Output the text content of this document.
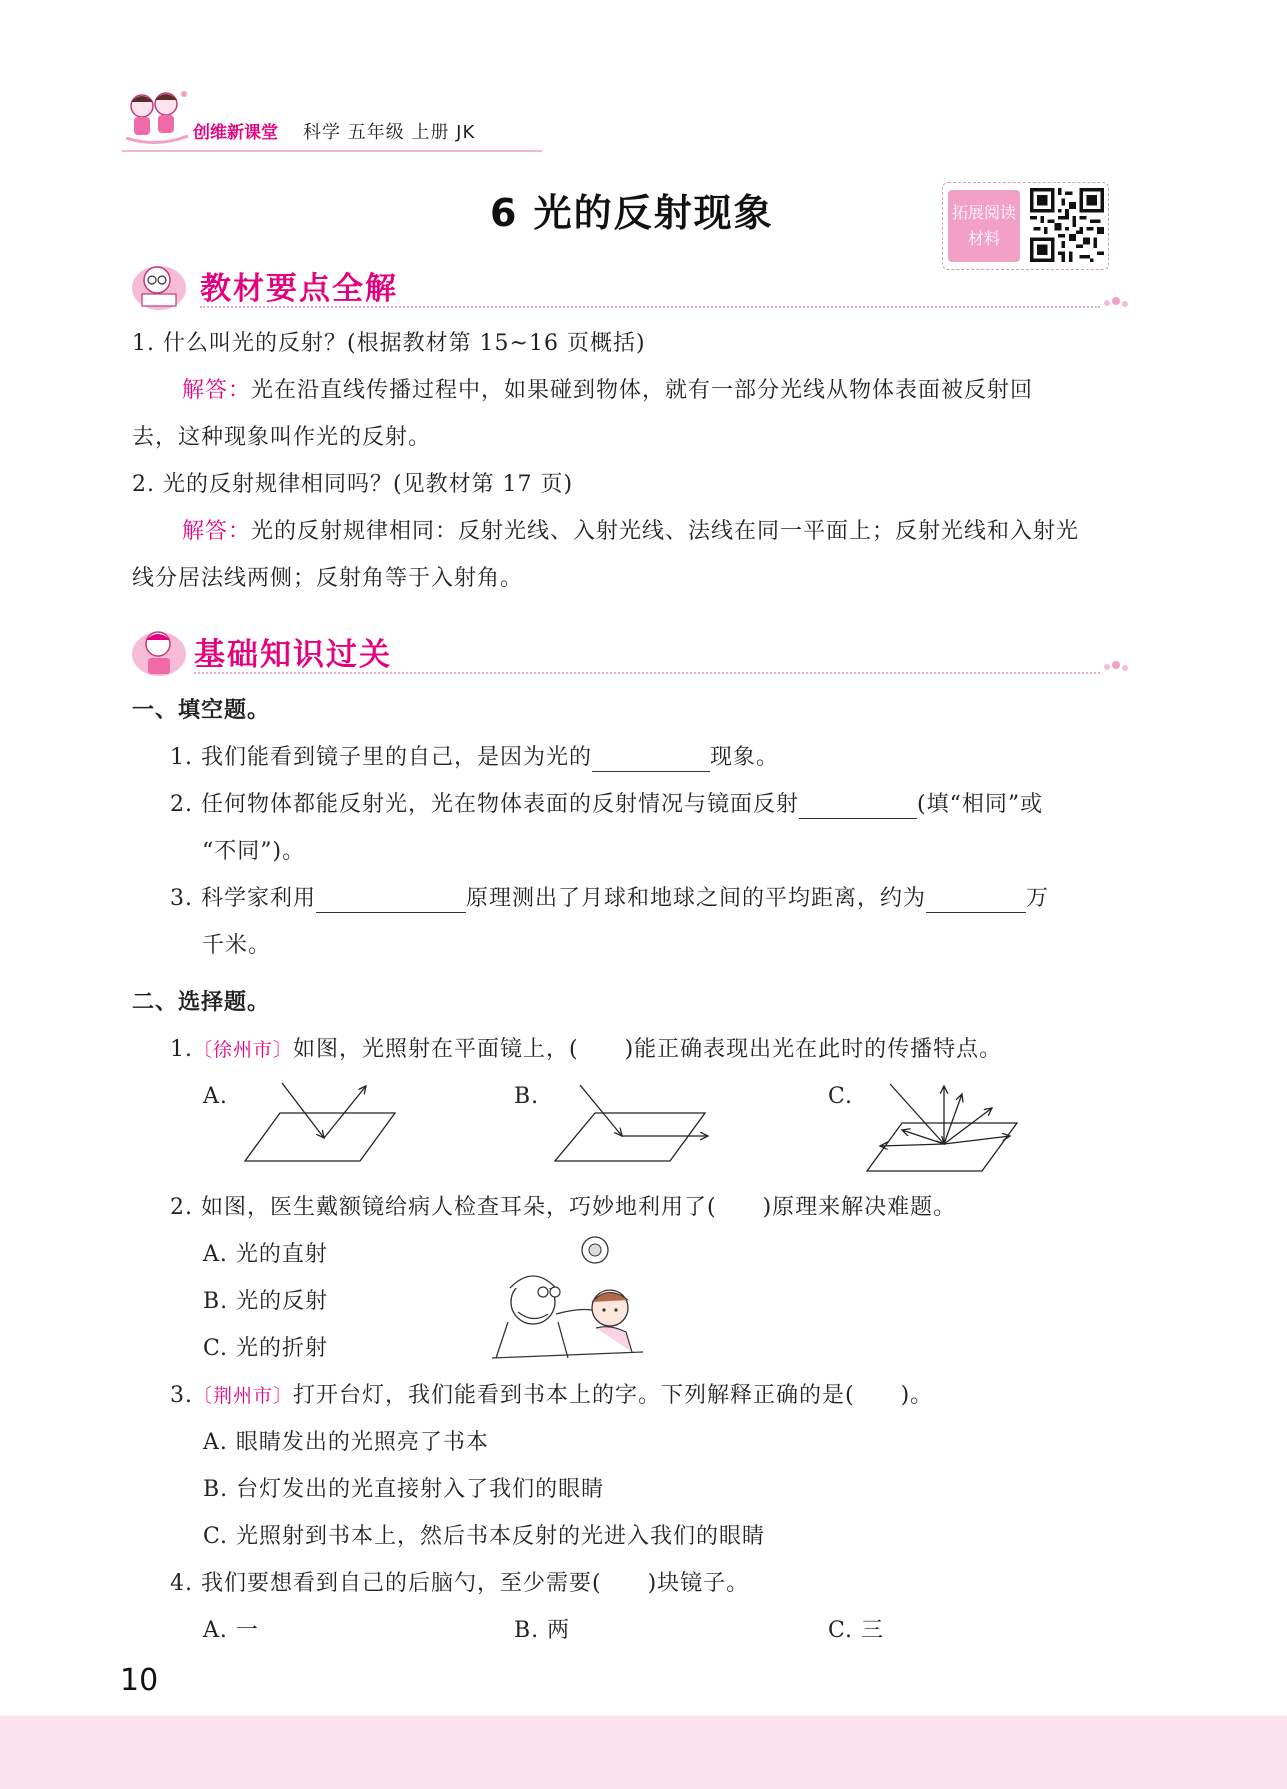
创维新课堂 科学 五年级 上册 JK
6 光的反射现象	拓展阅读
材料
教材要点全解
1. 什么叫光的反射？(根据教材第 15~16 页概括)
解答：光在沿直线传播过程中，如果碰到物体，就有一部分光线从物体表面被反射回
去，这种现象叫作光的反射。
2. 光的反射规律相同吗？(见教材第 17 页)
解答：光的反射规律相同：反射光线、入射光线、法线在同一平面上；反射光线和入射光
线分居法线两侧；反射角等于入射角。
基础知识过关
一、填空题。
1. 我们能看到镜子里的自己，是因为光的	现象。
2. 任何物体都能反射光，光在物体表面的反射情况与镜面反射	(填“相同”或
“不同”)。
3. 科学家利用	原理测出了月球和地球之间的平均距离，约为	万
千米。
二、选择题。
1.〔徐州市〕如图，光照射在平面镜上，(　　)能正确表现出光在此时的传播特点。
A.	B.	C.
2. 如图，医生戴额镜给病人检查耳朵，巧妙地利用了(　　)原理来解决难题。
A. 光的直射
B. 光的反射
C. 光的折射
3.〔荆州市〕打开台灯，我们能看到书本上的字。下列解释正确的是(　　)。
A. 眼睛发出的光照亮了书本
B. 台灯发出的光直接射入了我们的眼睛
C. 光照射到书本上，然后书本反射的光进入我们的眼睛
4. 我们要想看到自己的后脑勺，至少需要(　　)块镜子。
A. 一	B. 两	C. 三
10
